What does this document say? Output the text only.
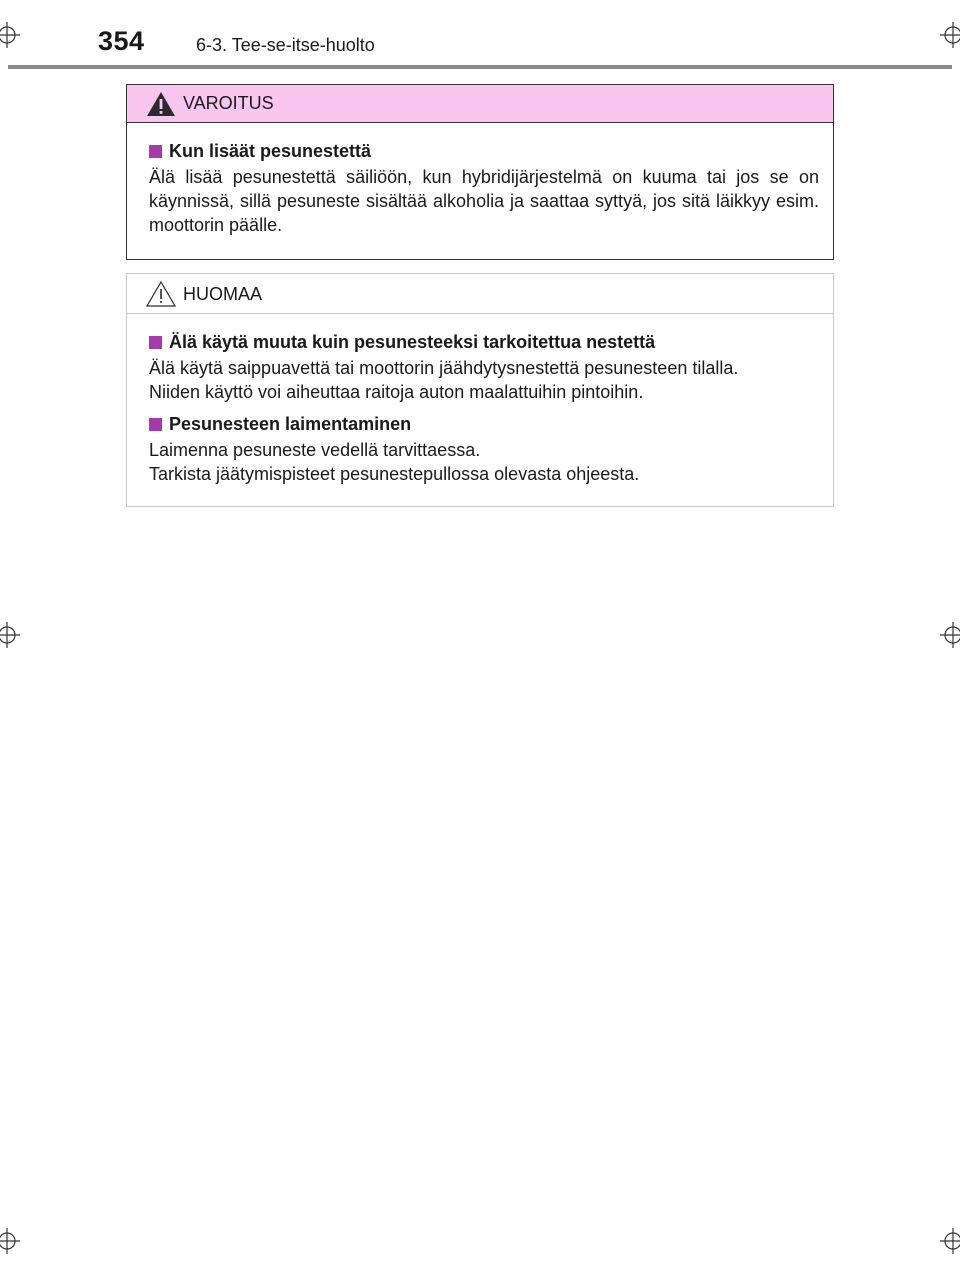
354	6-3. Tee-se-itse-huolto
VAROITUS
Kun lisäät pesunestettä
Älä lisää pesunestettä säiliöön, kun hybridijärjestelmä on kuuma tai jos se on käynnissä, sillä pesuneste sisältää alkoholia ja saattaa syttyä, jos sitä läikkyy esim. moottorin päälle.
HUOMAA
Älä käytä muuta kuin pesunesteeksi tarkoitettua nestettä
Älä käytä saippuavettä tai moottorin jäähdytysnestettä pesunesteen tilalla.
Niiden käyttö voi aiheuttaa raitoja auton maalattuihin pintoihin.
Pesunesteen laimentaminen
Laimenna pesuneste vedellä tarvittaessa.
Tarkista jäätymispisteet pesunestepullossa olevasta ohjeesta.
